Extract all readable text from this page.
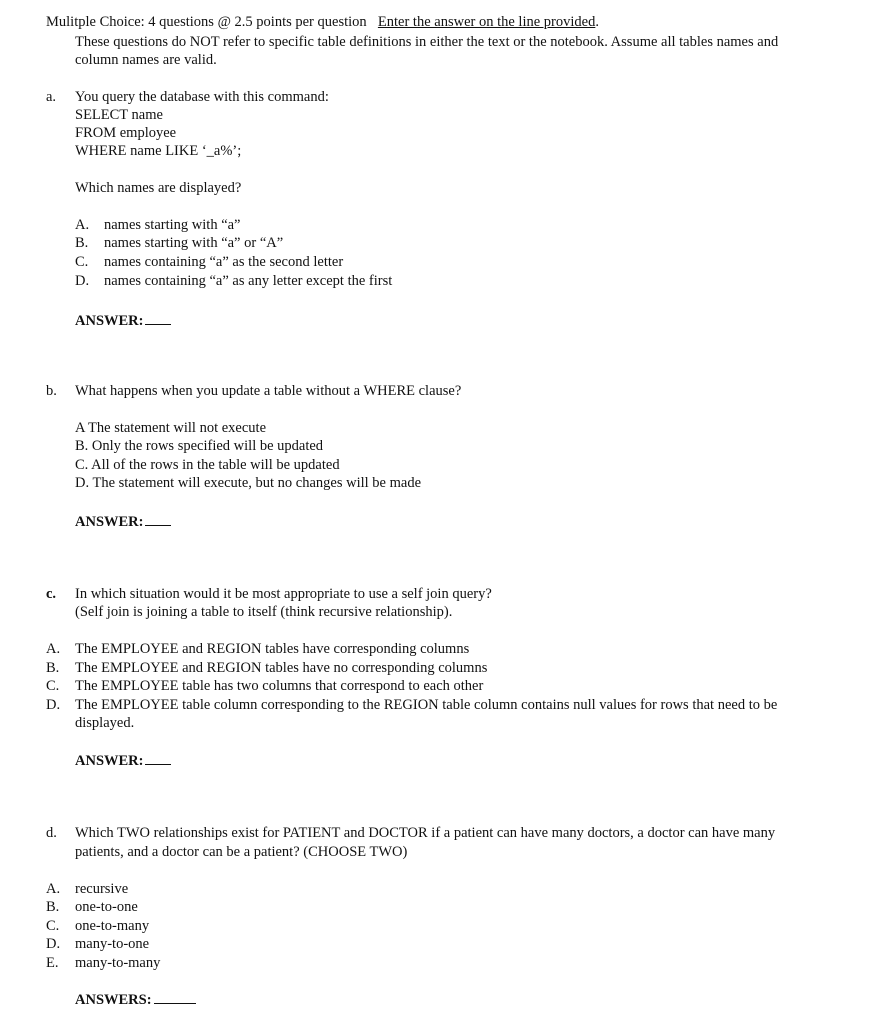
Mulitple Choice: 4 questions @ 2.5 points per question Enter the answer on the line provided.
These questions do NOT refer to specific table definitions in either the text or the notebook. Assume all tables names and
column names are valid.
a. You query the database with this command:
SELECT name
FROM employee
WHERE name LIKE ‘_a%’;
Which names are displayed?
A. names starting with “a”
B. names starting with “a” or “A”
C. names containing “a” as the second letter
D. names containing “a” as any letter except the first
ANSWER:
b. What happens when you update a table without a WHERE clause?
A The statement will not execute
B. Only the rows specified will be updated
C. All of the rows in the table will be updated
D. The statement will execute, but no changes will be made
ANSWER:
c. In which situation would it be most appropriate to use a self join query?
(Self join is joining a table to itself (think recursive relationship).
A. The EMPLOYEE and REGION tables have corresponding columns
B. The EMPLOYEE and REGION tables have no corresponding columns
C. The EMPLOYEE table has two columns that correspond to each other
D. The EMPLOYEE table column corresponding to the REGION table column contains null values for rows that need to be
displayed.
ANSWER:
d. Which TWO relationships exist for PATIENT and DOCTOR if a patient can have many doctors, a doctor can have many
patients, and a doctor can be a patient? (CHOOSE TWO)
A. recursive
B. one-to-one
C. one-to-many
D. many-to-one
E. many-to-many
ANSWERS:
